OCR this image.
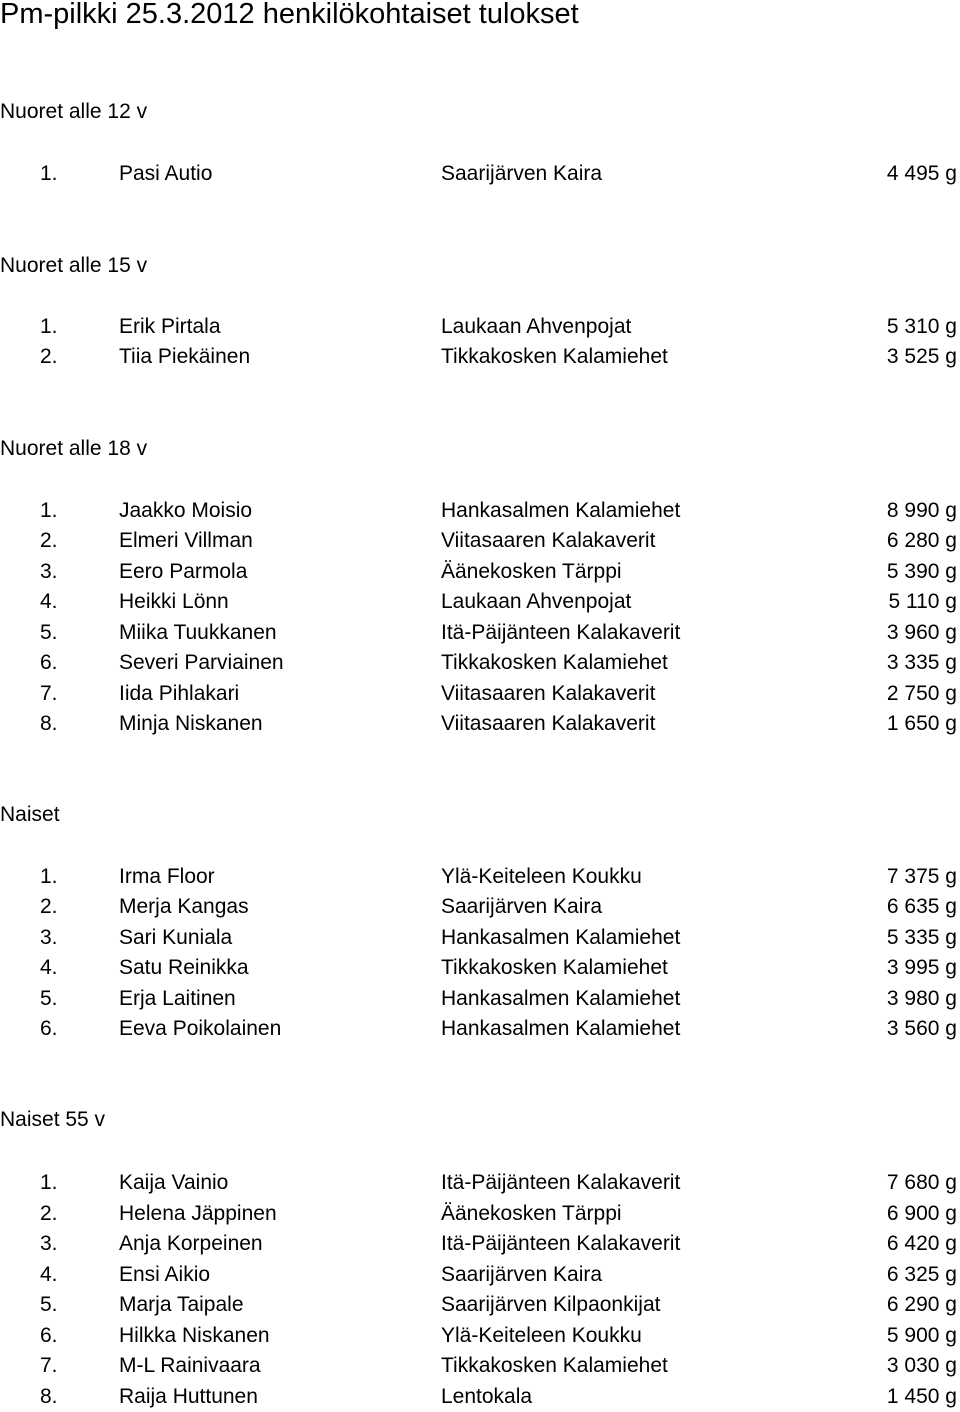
Pm-pilkki 25.3.2012 henkilökohtaiset tulokset
Nuoret alle 12 v
1.	Pasi Autio	Saarijärven Kaira	4 495 g
Nuoret alle 15 v
1.	Erik Pirtala	Laukaan Ahvenpojat	5 310 g
2.	Tiia Piekäinen	Tikkakosken Kalamiehet	3 525 g
Nuoret alle 18 v
1.	Jaakko Moisio	Hankasalmen Kalamiehet	8 990 g
2.	Elmeri Villman	Viitasaaren Kalakaverit	6 280 g
3.	Eero Parmola	Äänekosken Tärppi	5 390 g
4.	Heikki Lönn	Laukaan Ahvenpojat	5 110 g
5.	Miika Tuukkanen	Itä-Päijänteen Kalakaverit	3 960 g
6.	Severi Parviainen	Tikkakosken Kalamiehet	3 335 g
7.	Iida Pihlakari	Viitasaaren Kalakaverit	2 750 g
8.	Minja Niskanen	Viitasaaren Kalakaverit	1 650 g
Naiset
1.	Irma Floor	Ylä-Keiteleen Koukku	7 375 g
2.	Merja Kangas	Saarijärven Kaira	6 635 g
3.	Sari Kuniala	Hankasalmen Kalamiehet	5 335 g
4.	Satu Reinikka	Tikkakosken Kalamiehet	3 995 g
5.	Erja Laitinen	Hankasalmen Kalamiehet	3 980 g
6.	Eeva Poikolainen	Hankasalmen Kalamiehet	3 560 g
Naiset 55 v
1.	Kaija Vainio	Itä-Päijänteen Kalakaverit	7 680 g
2.	Helena Jäppinen	Äänekosken Tärppi	6 900 g
3.	Anja Korpeinen	Itä-Päijänteen Kalakaverit	6 420 g
4.	Ensi Aikio	Saarijärven Kaira	6 325 g
5.	Marja Taipale	Saarijärven Kilpaonkijat	6 290 g
6.	Hilkka Niskanen	Ylä-Keiteleen Koukku	5 900 g
7.	M-L Rainivaara	Tikkakosken Kalamiehet	3 030 g
8.	Raija Huttunen	Lentokala	1 450 g
